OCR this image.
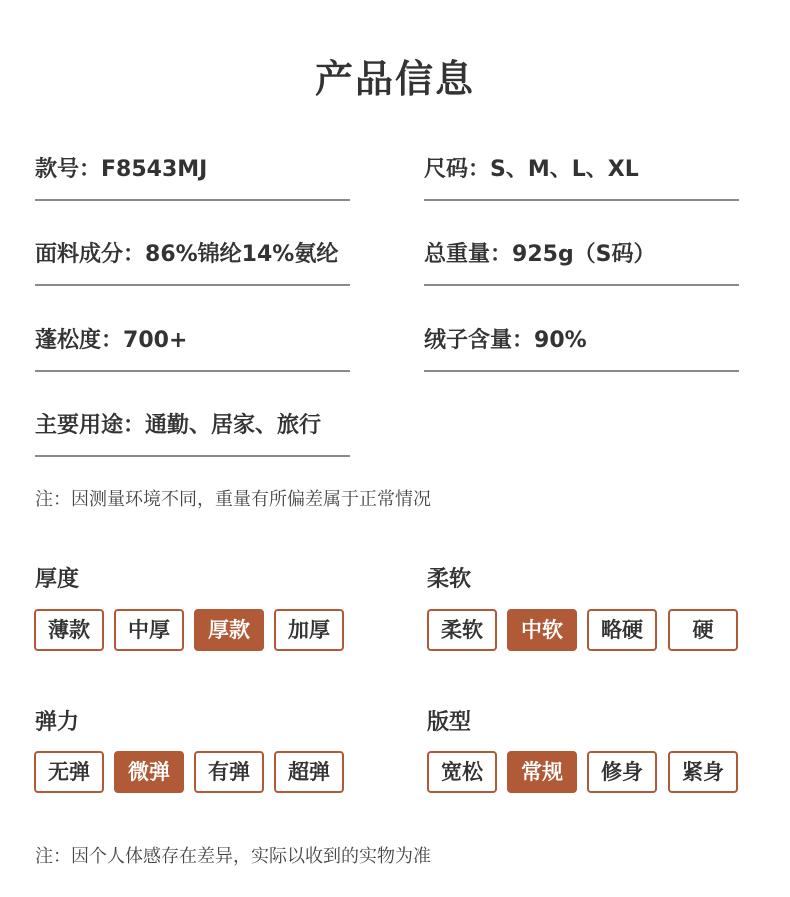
产品信息
款号：F8543MJ	尺码：S、M、L、XL
面料成分：86%锦纶14%氨纶	总重量：925g（S码）
蓬松度：700+	绒子含量：90%
主要用途：通勤、居家、旅行
注：因测量环境不同，重量有所偏差属于正常情况
厚度
薄款	中厚	厚款	加厚
柔软
柔软	中软	略硬	硬
弹力
无弹	微弹	有弹	超弹
版型
宽松	常规	修身	紧身
注：因个人体感存在差异，实际以收到的实物为准
